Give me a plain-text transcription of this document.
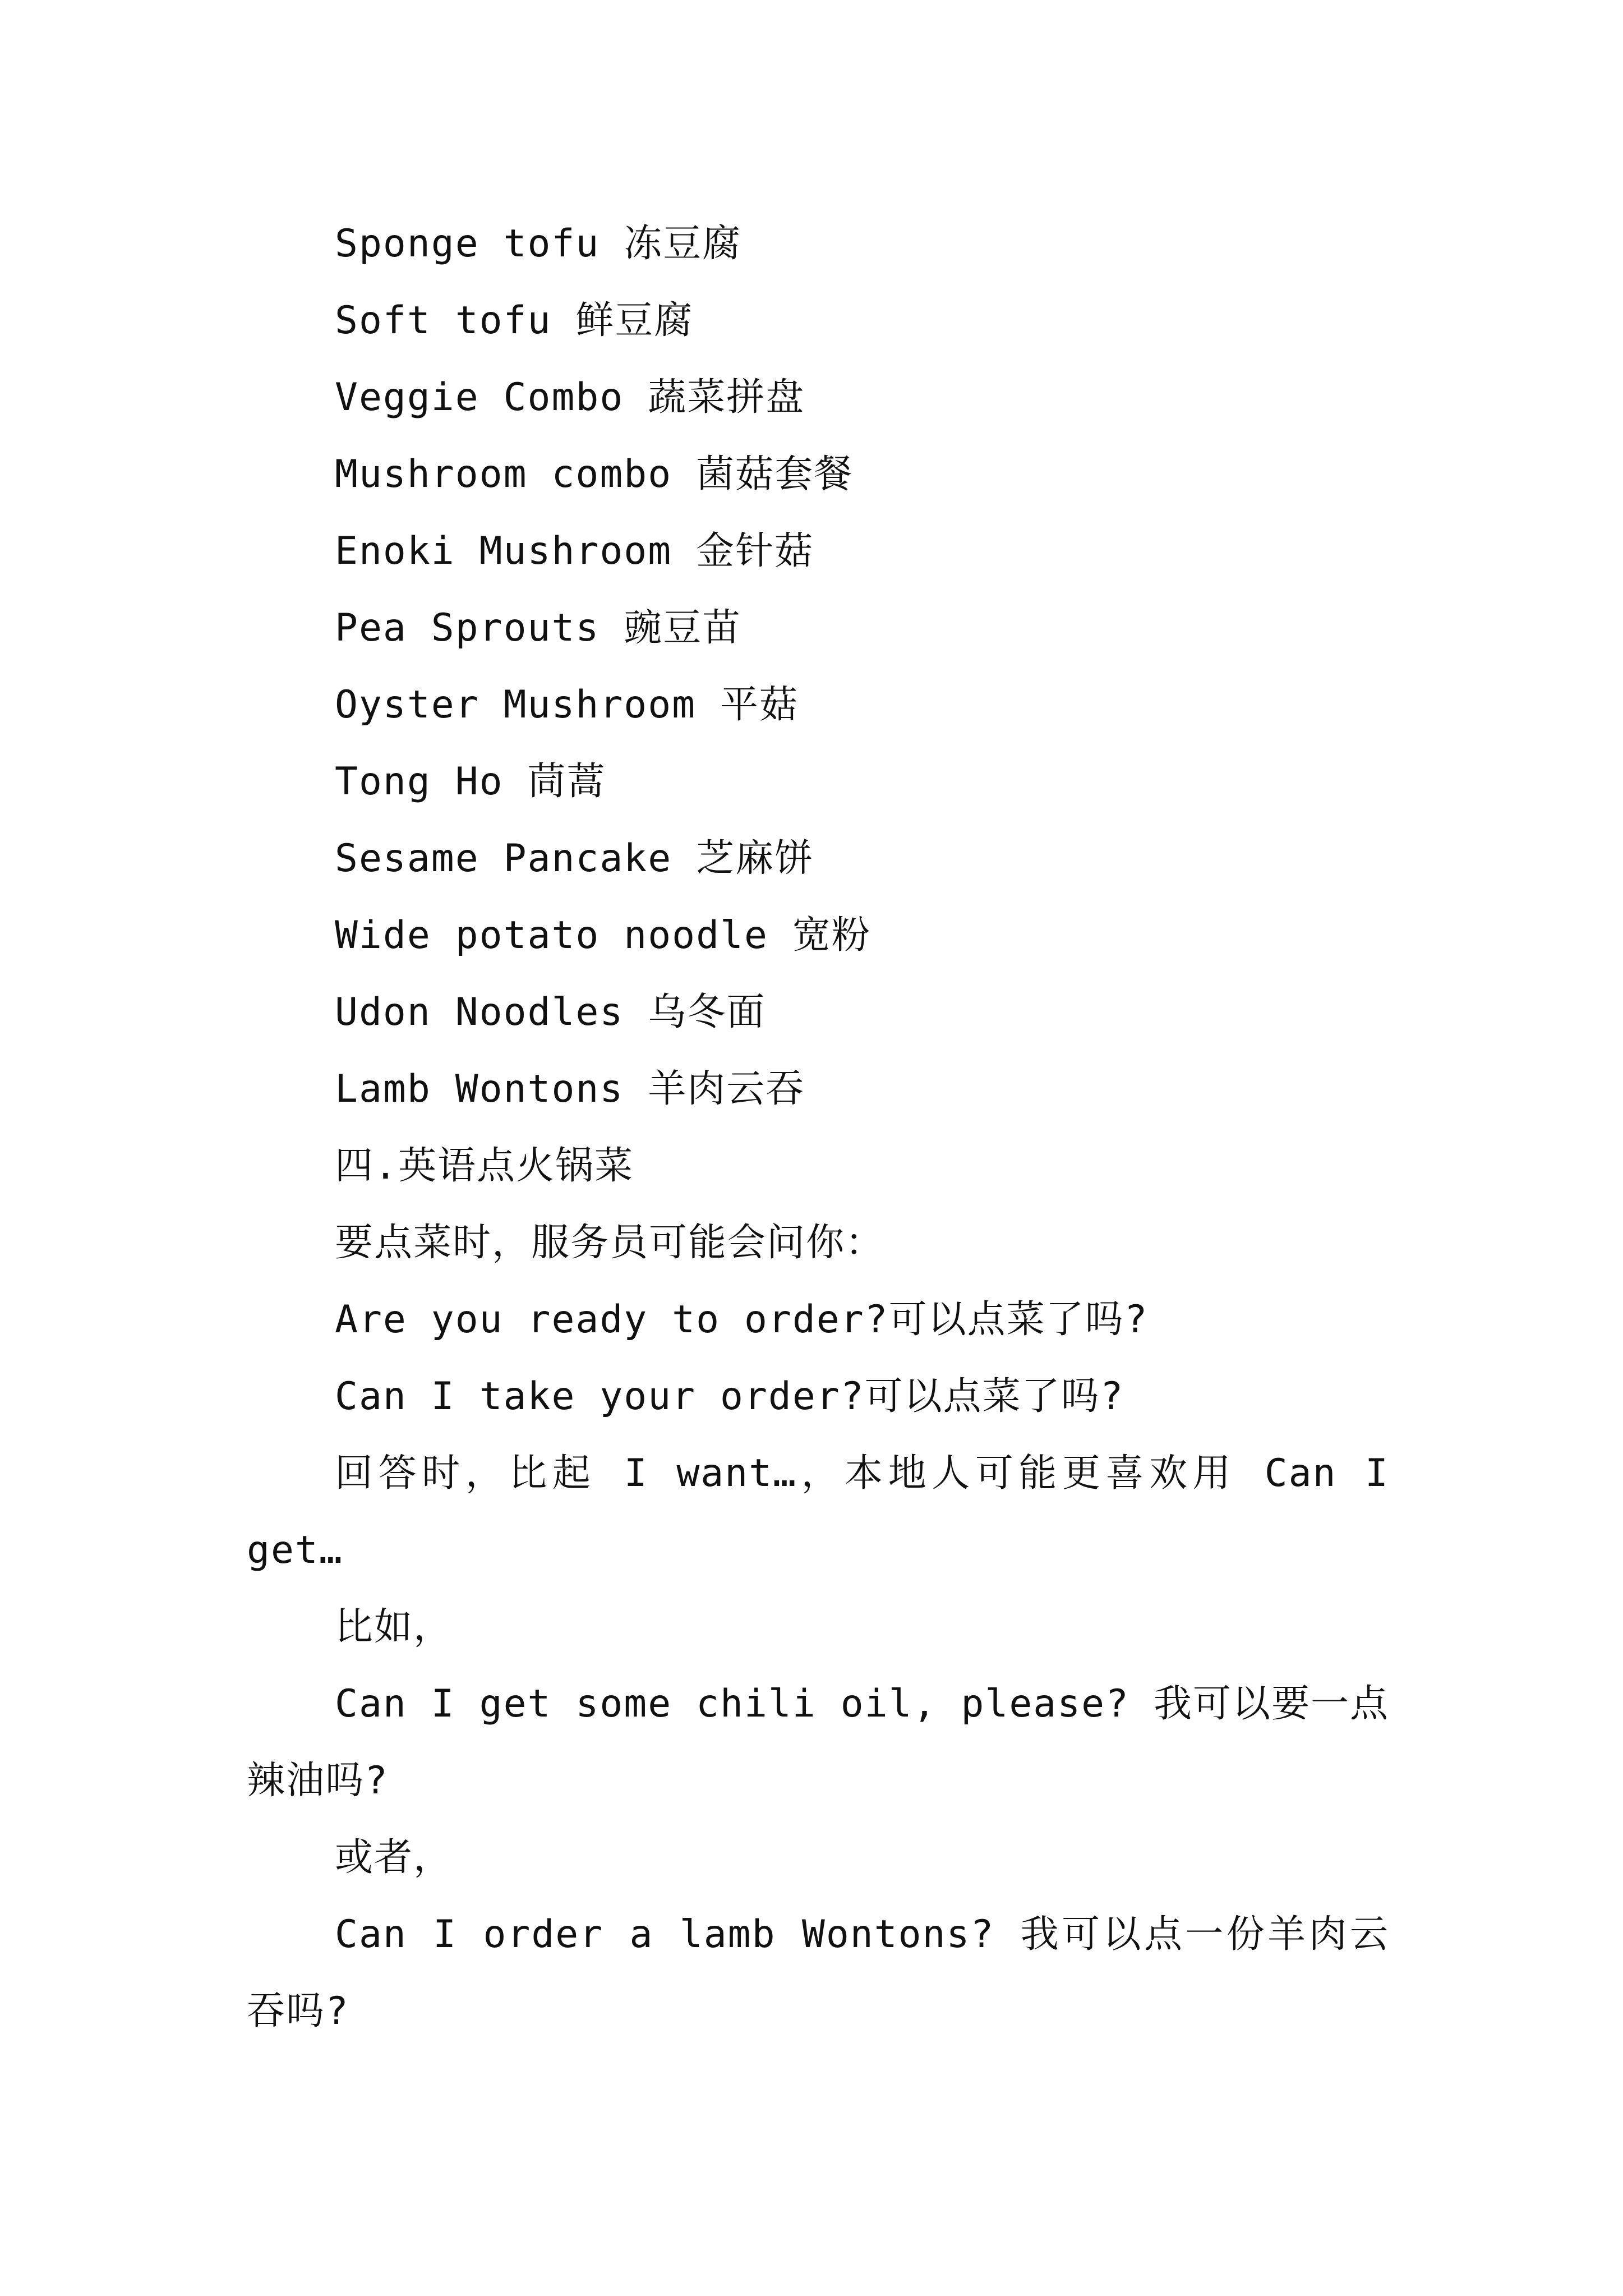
Sponge tofu 冻豆腐
Soft tofu 鲜豆腐
Veggie Combo 蔬菜拼盘
Mushroom combo 菌菇套餐
Enoki Mushroom 金针菇
Pea Sprouts 豌豆苗
Oyster Mushroom 平菇
Tong Ho 茼蒿
Sesame Pancake 芝麻饼
Wide potato noodle 宽粉
Udon Noodles 乌冬面
Lamb Wontons 羊肉云吞
四.英语点火锅菜
要点菜时，服务员可能会问你：
Are you ready to order?可以点菜了吗?
Can I take your order?可以点菜了吗?
回答时，比起 I want…，本地人可能更喜欢用 Can I
get…
比如，
Can I get some chili oil, please? 我可以要一点
辣油吗?
或者，
Can I order a lamb Wontons? 我可以点一份羊肉云
吞吗?
